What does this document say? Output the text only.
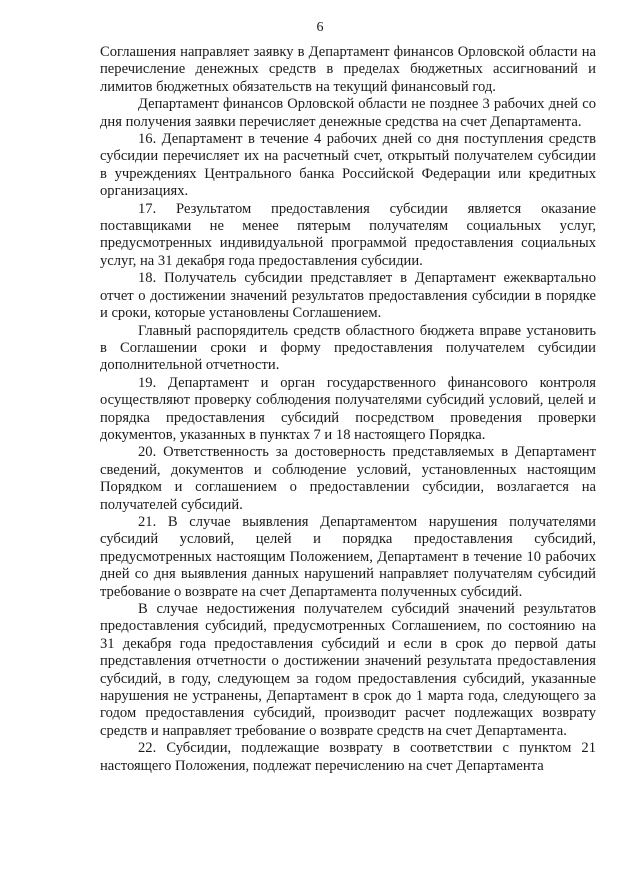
6

Соглашения направляет заявку в Департамент финансов Орловской области на перечисление денежных средств в пределах бюджетных ассигнований и лимитов бюджетных обязательств на текущий финансовый год.

Департамент финансов Орловской области не позднее 3 рабочих дней со дня получения заявки перечисляет денежные средства на счет Департамента.

16. Департамент в течение 4 рабочих дней со дня поступления средств субсидии перечисляет их на расчетный счет, открытый получателем субсидии в учреждениях Центрального банка Российской Федерации или кредитных организациях.

17. Результатом предоставления субсидии является оказание поставщиками не менее пятерым получателям социальных услуг, предусмотренных индивидуальной программой предоставления социальных услуг, на 31 декабря года предоставления субсидии.

18. Получатель субсидии представляет в Департамент ежеквартально отчет о достижении значений результатов предоставления субсидии в порядке и сроки, которые установлены Соглашением.

Главный распорядитель средств областного бюджета вправе установить в Соглашении сроки и форму предоставления получателем субсидии дополнительной отчетности.

19. Департамент и орган государственного финансового контроля осуществляют проверку соблюдения получателями субсидий условий, целей и порядка предоставления субсидий посредством проведения проверки документов, указанных в пунктах 7 и 18 настоящего Порядка.

20. Ответственность за достоверность представляемых в Департамент сведений, документов и соблюдение условий, установленных настоящим Порядком и соглашением о предоставлении субсидии, возлагается на получателей субсидий.

21. В случае выявления Департаментом нарушения получателями субсидий условий, целей и порядка предоставления субсидий, предусмотренных настоящим Положением, Департамент в течение 10 рабочих дней со дня выявления данных нарушений направляет получателям субсидий требование о возврате на счет Департамента полученных субсидий.

В случае недостижения получателем субсидий значений результатов предоставления субсидий, предусмотренных Соглашением, по состоянию на 31 декабря года предоставления субсидий и если в срок до первой даты представления отчетности о достижении значений результата предоставления субсидий, в году, следующем за годом предоставления субсидий, указанные нарушения не устранены, Департамент в срок до 1 марта года, следующего за годом предоставления субсидий, производит расчет подлежащих возврату средств и направляет требование о возврате средств на счет Департамента.

22. Субсидии, подлежащие возврату в соответствии с пунктом 21 настоящего Положения, подлежат перечислению на счет Департамента
